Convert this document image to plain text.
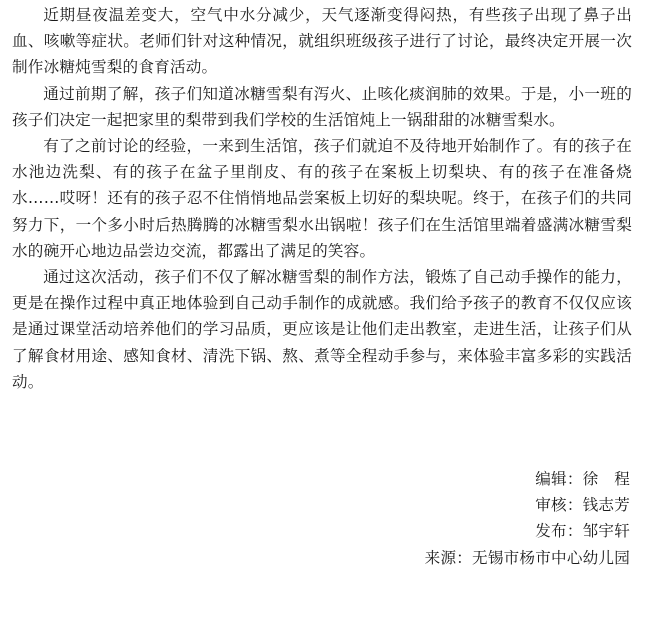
近期昼夜温差变大，空气中水分减少，天气逐渐变得闷热，有些孩子出现了鼻子出血、咳嗽等症状。老师们针对这种情况，就组织班级孩子进行了讨论，最终决定开展一次制作冰糖炖雪梨的食育活动。

通过前期了解，孩子们知道冰糖雪梨有泻火、止咳化痰润肺的效果。于是，小一班的孩子们决定一起把家里的梨带到我们学校的生活馆炖上一锅甜甜的冰糖雪梨水。

有了之前讨论的经验，一来到生活馆，孩子们就迫不及待地开始制作了。有的孩子在水池边洗梨、有的孩子在盆子里削皮、有的孩子在案板上切梨块、有的孩子在准备烧水……哎呀！还有的孩子忍不住悄悄地品尝案板上切好的梨块呢。终于，在孩子们的共同努力下，一个多小时后热腾腾的冰糖雪梨水出锅啦！孩子们在生活馆里端着盛满冰糖雪梨水的碗开心地边品尝边交流，都露出了满足的笑容。

通过这次活动，孩子们不仅了解冰糖雪梨的制作方法，锻炼了自己动手操作的能力，更是在操作过程中真正地体验到自己动手制作的成就感。我们给予孩子的教育不仅仅应该是通过课堂活动培养他们的学习品质，更应该是让他们走出教室，走进生活，让孩子们从了解食材用途、感知食材、清洗下锅、熬、煮等全程动手参与，来体验丰富多彩的实践活动。

编辑：徐　程
审核：钱志芳
发布：邹宇轩
来源：无锡市杨市中心幼儿园
